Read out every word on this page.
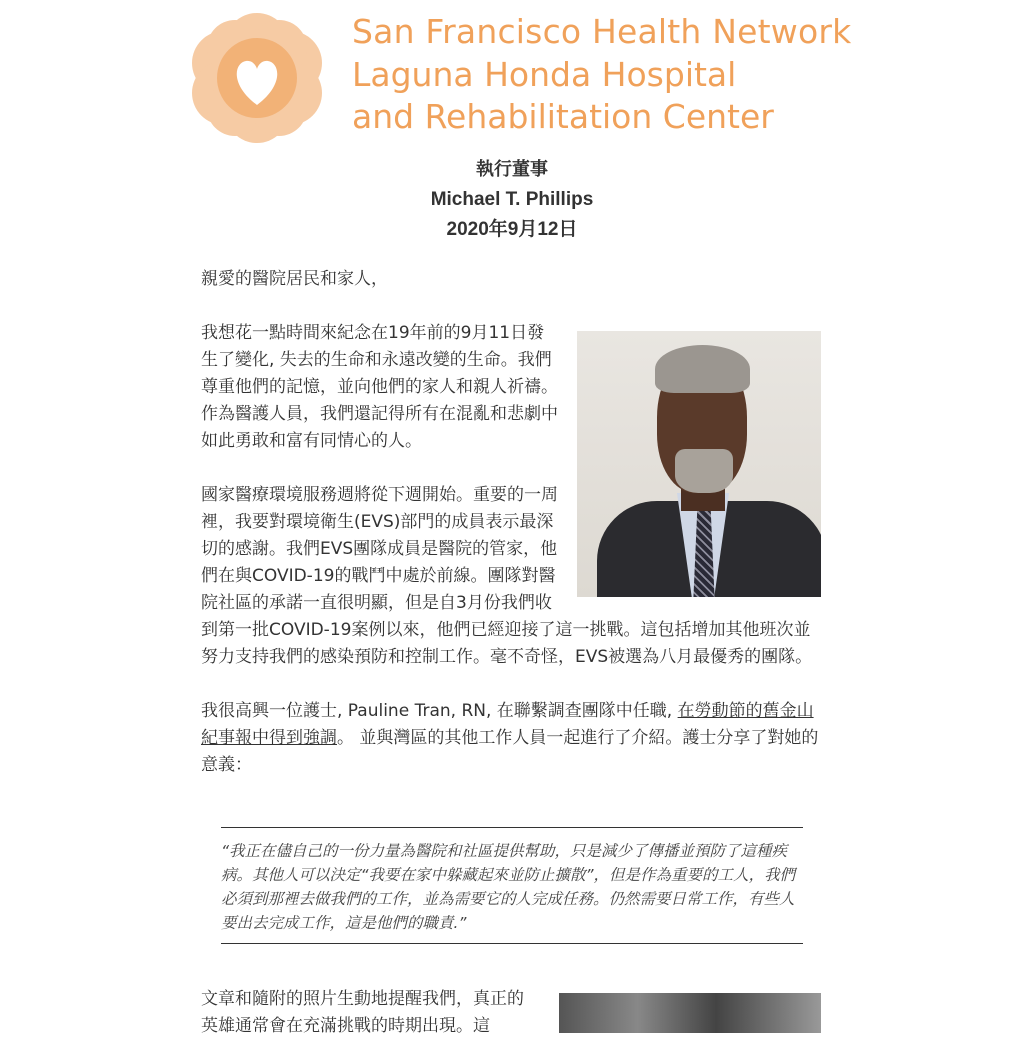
San Francisco Health Network
Laguna Honda Hospital
and Rehabilitation Center
執行董事
Michael T. Phillips
2020年9月12日

親愛的醫院居民和家人，

我想花一點時間來紀念在19年前的9月11日發生了變化, 失去的生命和永遠改變的生命。我們尊重他們的記憶，並向他們的家人和親人祈禱。作為醫護人員，我們還記得所有在混亂和悲劇中如此勇敢和富有同情心的人。

國家醫療環境服務週將從下週開始。重要的一周裡，我要對環境衛生(EVS)部門的成員表示最深切的感謝。我們EVS團隊成員是醫院的管家，他們在與COVID-19的戰鬥中處於前線。團隊對醫院社區的承諾一直很明顯，但是自3月份我們收到第一批COVID-19案例以來，他們已經迎接了這一挑戰。這包括增加其他班次並努力支持我們的感染預防和控制工作。毫不奇怪，EVS被選為八月最優秀的團隊。

我很高興一位護士, Pauline Tran, RN, 在聯繫調查團隊中任職, 在勞動節的舊金山紀事報中得到強調。 並與灣區的其他工作人員一起進行了介紹。護士分享了對她的意義：

“我正在儘自己的一份力量為醫院和社區提供幫助，只是減少了傳播並預防了這種疾病。其他人可以決定“我要在家中躲藏起來並防止擴散”，但是作為重要的工人，我們必須到那裡去做我們的工作，並為需要它的人完成任務。仍然需要日常工作，有些人要出去完成工作，這是他們的職責.”
文章和隨附的照片生動地提醒我們，真正的英雄通常會在充滿挑戰的時期出現。這
